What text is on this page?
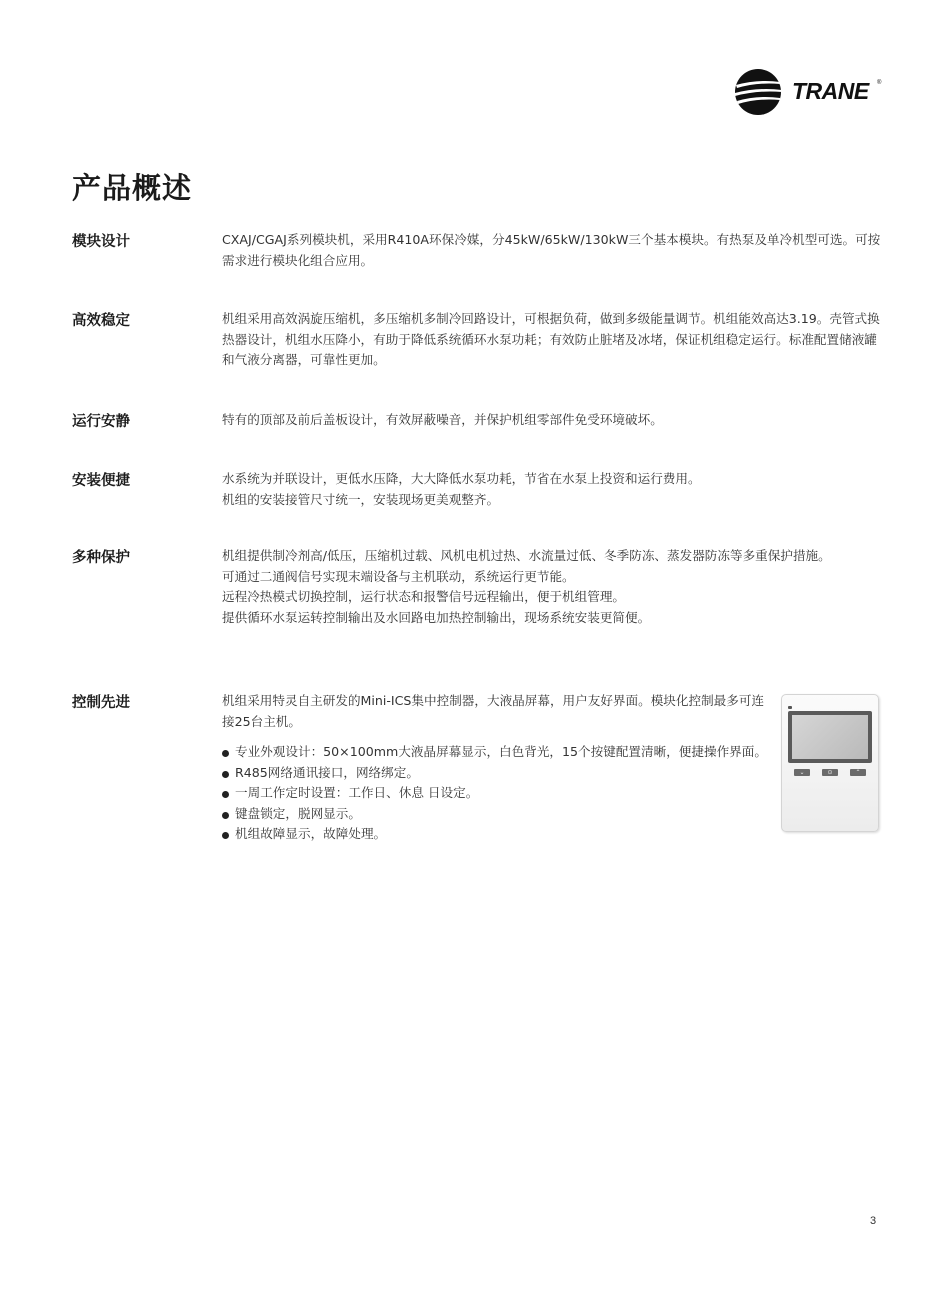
TRANE ®
产品概述
模块设计	CXAJ/CGAJ系列模块机，采用R410A环保冷媒，分45kW/65kW/130kW三个基本模块。有热泵及单冷机型可选。可按需求进行模块化组合应用。

高效稳定	机组采用高效涡旋压缩机，多压缩机多制冷回路设计，可根据负荷，做到多级能量调节。机组能效高达3.19。壳管式换热器设计，机组水压降小，有助于降低系统循环水泵功耗；有效防止脏堵及冰堵，保证机组稳定运行。标准配置储液罐和气液分离器，可靠性更加。

运行安静	特有的顶部及前后盖板设计，有效屏蔽噪音，并保护机组零部件免受环境破坏。

安装便捷	水系统为并联设计，更低水压降，大大降低水泵功耗，节省在水泵上投资和运行费用。

机组的安装接管尺寸统一，安装现场更美观整齐。

多种保护	机组提供制冷剂高/低压，压缩机过载、风机电机过热、水流量过低、冬季防冻、蒸发器防冻等多重保护措施。

可通过二通阀信号实现末端设备与主机联动，系统运行更节能。

远程冷热模式切换控制，运行状态和报警信号远程输出，便于机组管理。

提供循环水泵运转控制输出及水回路电加热控制输出，现场系统安装更简便。

控制先进	机组采用特灵自主研发的Mini-ICS集中控制器，大液晶屏幕，用户友好界面。模块化控制最多可连接25台主机。

专业外观设计：50×100mm大液晶屏幕显示，白色背光，15个按键配置清晰，便捷操作界面。
R485网络通讯接口，网络绑定。
一周工作定时设置：工作日、休息 日设定。
键盘锁定，脱网显示。
机组故障显示，故障处理。
⌄	⊙	⌃
3
